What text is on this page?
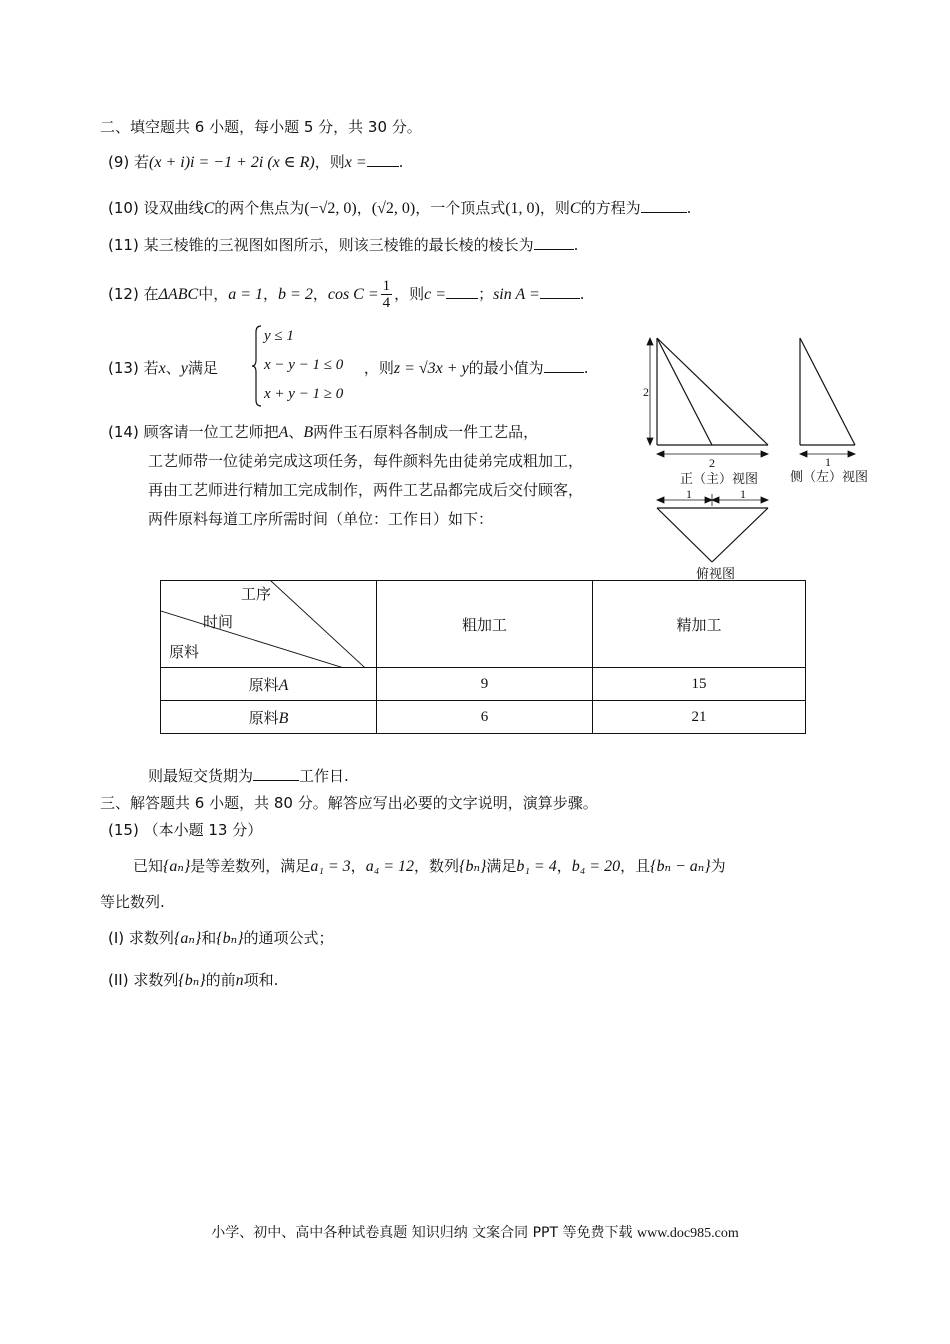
二、填空题共 6 小题，每小题 5 分，共 30 分。
(9) 若(x + i)i = −1 + 2i (x ∈ R)，则x = .
(10) 设双曲线C的两个焦点为(−√2, 0)，(√2, 0)，一个顶点式(1, 0)，则C的方程为	.
(11) 某三棱锥的三视图如图所示，则该三棱锥的最长棱的棱长为	.
(12) 在ΔABC中，a = 1，b = 2，$\cos C = \frac{1}{4}$ ，则c = ；sin A =	.
(13) 若x、y满足	，则z = √3x + y的最小值为	.
y ≤ 1
x − y − 1 ≤ 0
x + y − 1 ≥ 0
(14) 顾客请一位工艺师把A、B两件玉石原料各制成一件工艺品，
工艺师带一位徒弟完成这项任务，每件颜料先由徒弟完成粗加工，
再由工艺师进行精加工完成制作，两件工艺品都完成后交付顾客，
两件原料每道工序所需时间（单位：工作日）如下：
2
2	1
1	1
正（主）视图 侧（左）视图
俯视图
工序
时间
原料	粗加工	精加工
原料A	9	15
原料B	6	21
则最短交货期为	工作日.
三、解答题共 6 小题，共 80 分。解答应写出必要的文字说明，演算步骤。
(15) （本小题 13 分）
已知{aₙ}是等差数列，满足a₁ = 3，a₄ = 12，数列{bₙ}满足b₁ = 4，b₄ = 20，且{bₙ − aₙ}为
等比数列.
(I) 求数列{aₙ}和{bₙ}的通项公式；
(II) 求数列{bₙ}的前n项和.
小学、初中、高中各种试卷真题 知识归纳 文案合同 PPT 等免费下载 www.doc985.com
